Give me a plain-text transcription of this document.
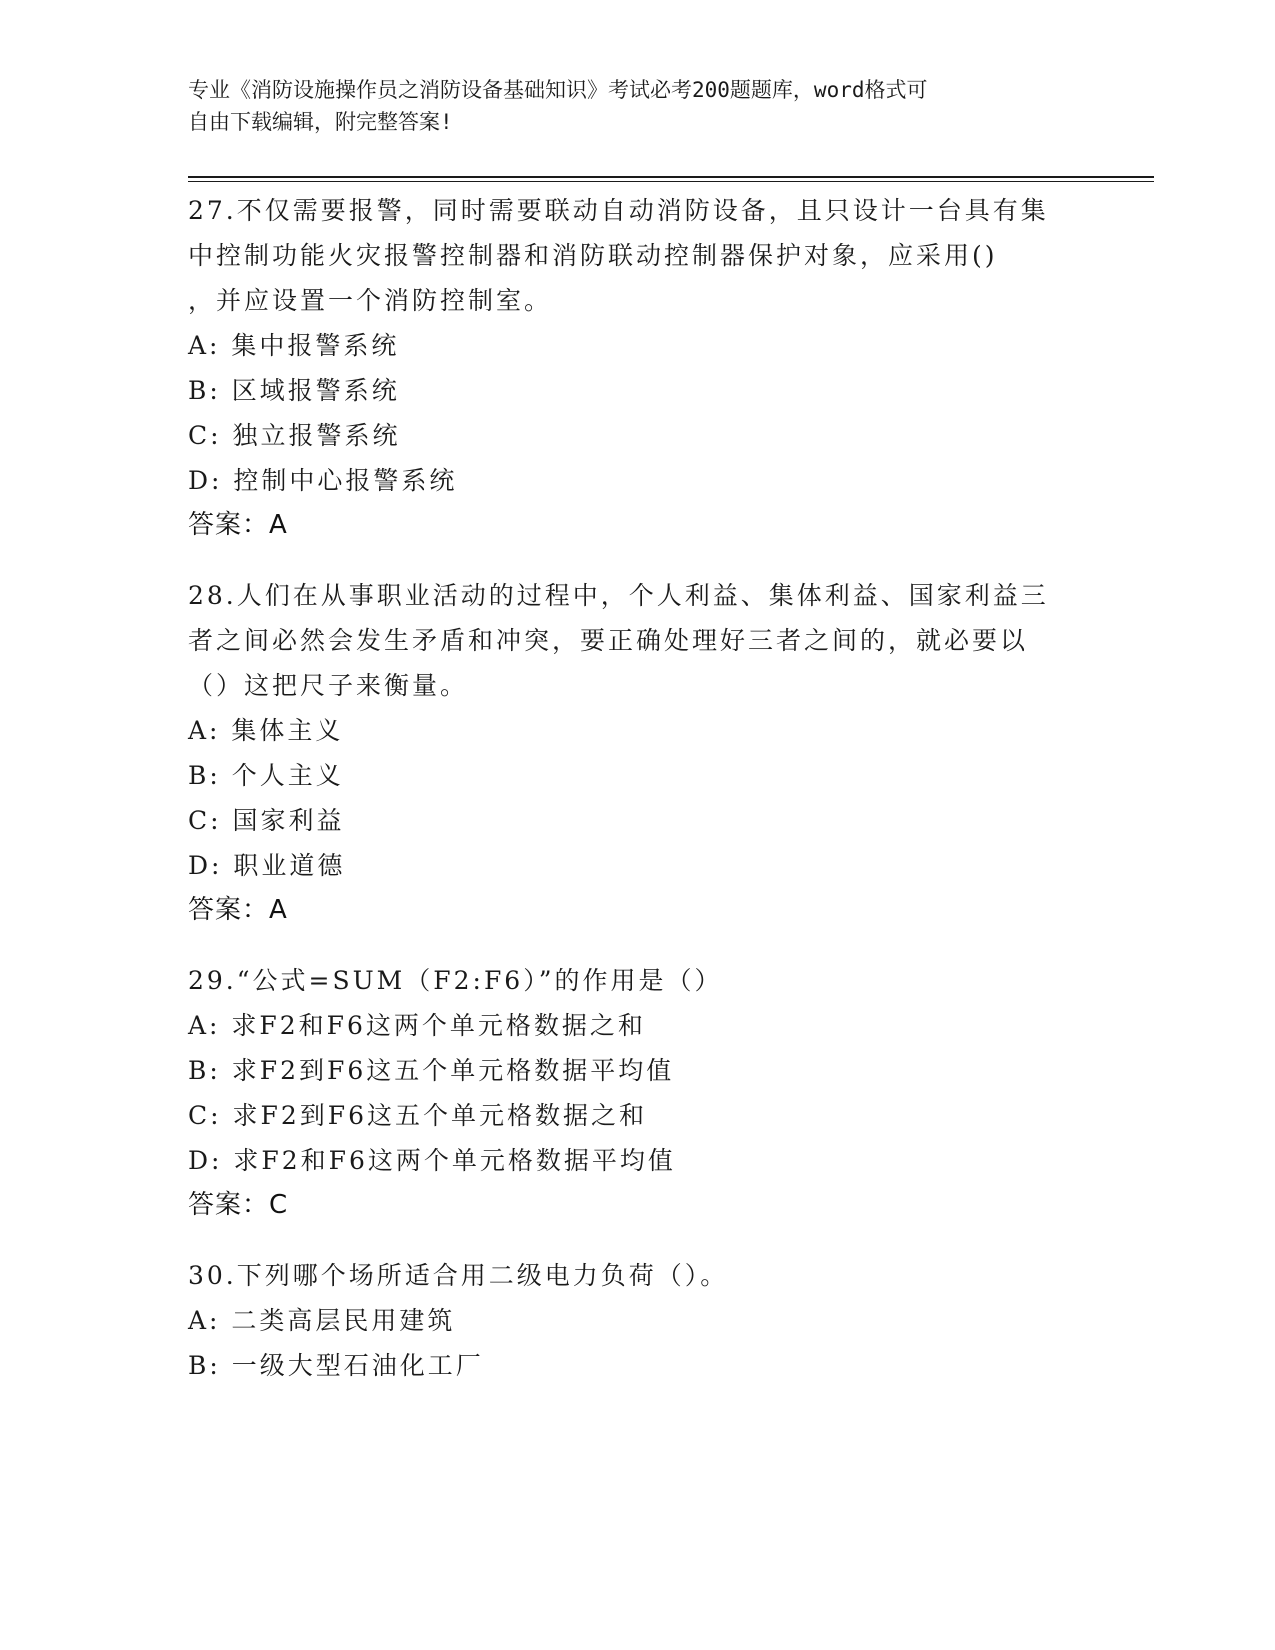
专业《消防设施操作员之消防设备基础知识》考试必考200题题库，word格式可
自由下载编辑，附完整答案!
27.不仅需要报警，同时需要联动自动消防设备，且只设计一台具有集
中控制功能火灾报警控制器和消防联动控制器保护对象，应采用()
，并应设置一个消防控制室。
A: 集中报警系统
B: 区域报警系统
C: 独立报警系统
D: 控制中心报警系统
答案：A
28.人们在从事职业活动的过程中，个人利益、集体利益、国家利益三
者之间必然会发生矛盾和冲突，要正确处理好三者之间的，就必要以
（）这把尺子来衡量。
A: 集体主义
B: 个人主义
C: 国家利益
D: 职业道德
答案：A
29.“公式=SUM（F2:F6）”的作用是（）
A: 求F2和F6这两个单元格数据之和
B: 求F2到F6这五个单元格数据平均值
C: 求F2到F6这五个单元格数据之和
D: 求F2和F6这两个单元格数据平均值
答案：C
30.下列哪个场所适合用二级电力负荷（）。
A: 二类高层民用建筑
B: 一级大型石油化工厂
